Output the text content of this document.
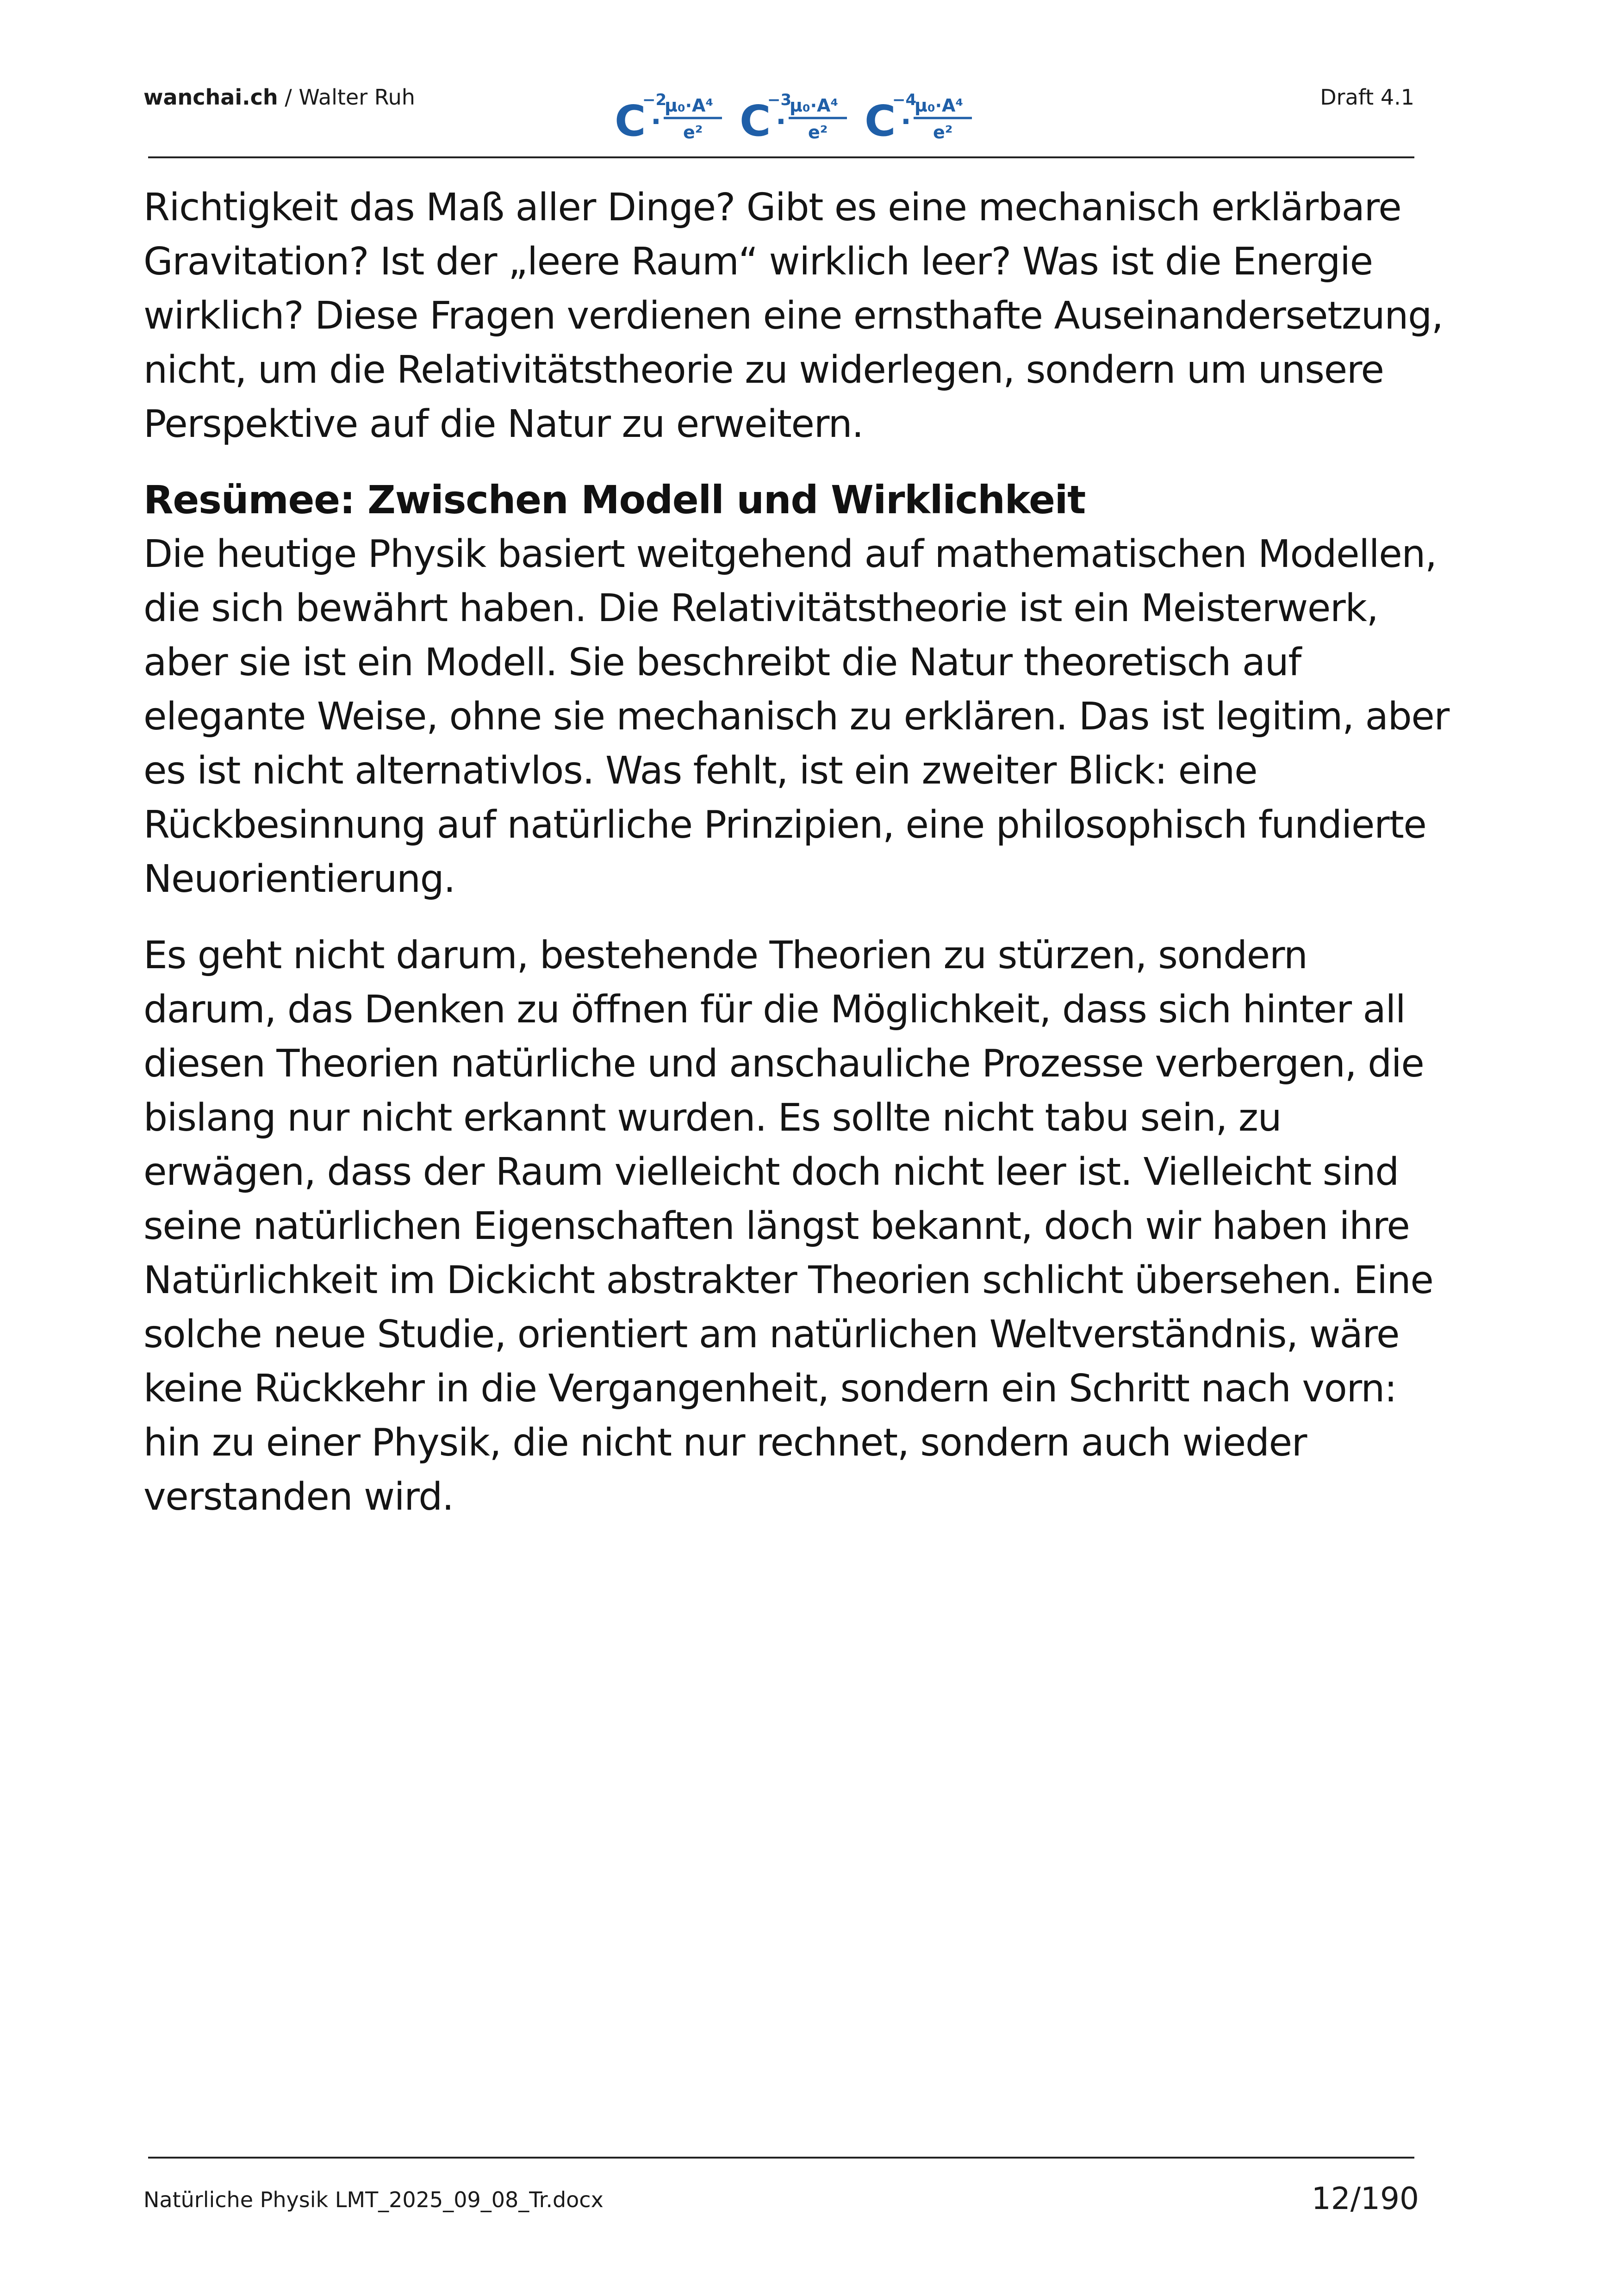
wanchai.ch / Walter Ruh	C
−2
· μ₀·A⁴
e² C
−3
· μ₀·A⁴
e² C
−4
· μ₀·A⁴
e²
Draft 4.1

Richtigkeit das Maß aller Dinge? Gibt es eine mechanisch erklärbare
Gravitation? Ist der „leere Raum“ wirklich leer? Was ist die Energie
wirklich? Diese Fragen verdienen eine ernsthafte Auseinandersetzung,
nicht, um die Relativitätstheorie zu widerlegen, sondern um unsere
Perspektive auf die Natur zu erweitern.

Resümee: Zwischen Modell und Wirklichkeit

Die heutige Physik basiert weitgehend auf mathematischen Modellen,
die sich bewährt haben. Die Relativitätstheorie ist ein Meisterwerk,
aber sie ist ein Modell. Sie beschreibt die Natur theoretisch auf
elegante Weise, ohne sie mechanisch zu erklären. Das ist legitim, aber
es ist nicht alternativlos. Was fehlt, ist ein zweiter Blick: eine
Rückbesinnung auf natürliche Prinzipien, eine philosophisch fundierte
Neuorientierung.

Es geht nicht darum, bestehende Theorien zu stürzen, sondern
darum, das Denken zu öffnen für die Möglichkeit, dass sich hinter all
diesen Theorien natürliche und anschauliche Prozesse verbergen, die
bislang nur nicht erkannt wurden. Es sollte nicht tabu sein, zu
erwägen, dass der Raum vielleicht doch nicht leer ist. Vielleicht sind
seine natürlichen Eigenschaften längst bekannt, doch wir haben ihre
Natürlichkeit im Dickicht abstrakter Theorien schlicht übersehen. Eine
solche neue Studie, orientiert am natürlichen Weltverständnis, wäre
keine Rückkehr in die Vergangenheit, sondern ein Schritt nach vorn:
hin zu einer Physik, die nicht nur rechnet, sondern auch wieder
verstanden wird.

Natürliche Physik LMT_2025_09_08_Tr.docx	12/190
